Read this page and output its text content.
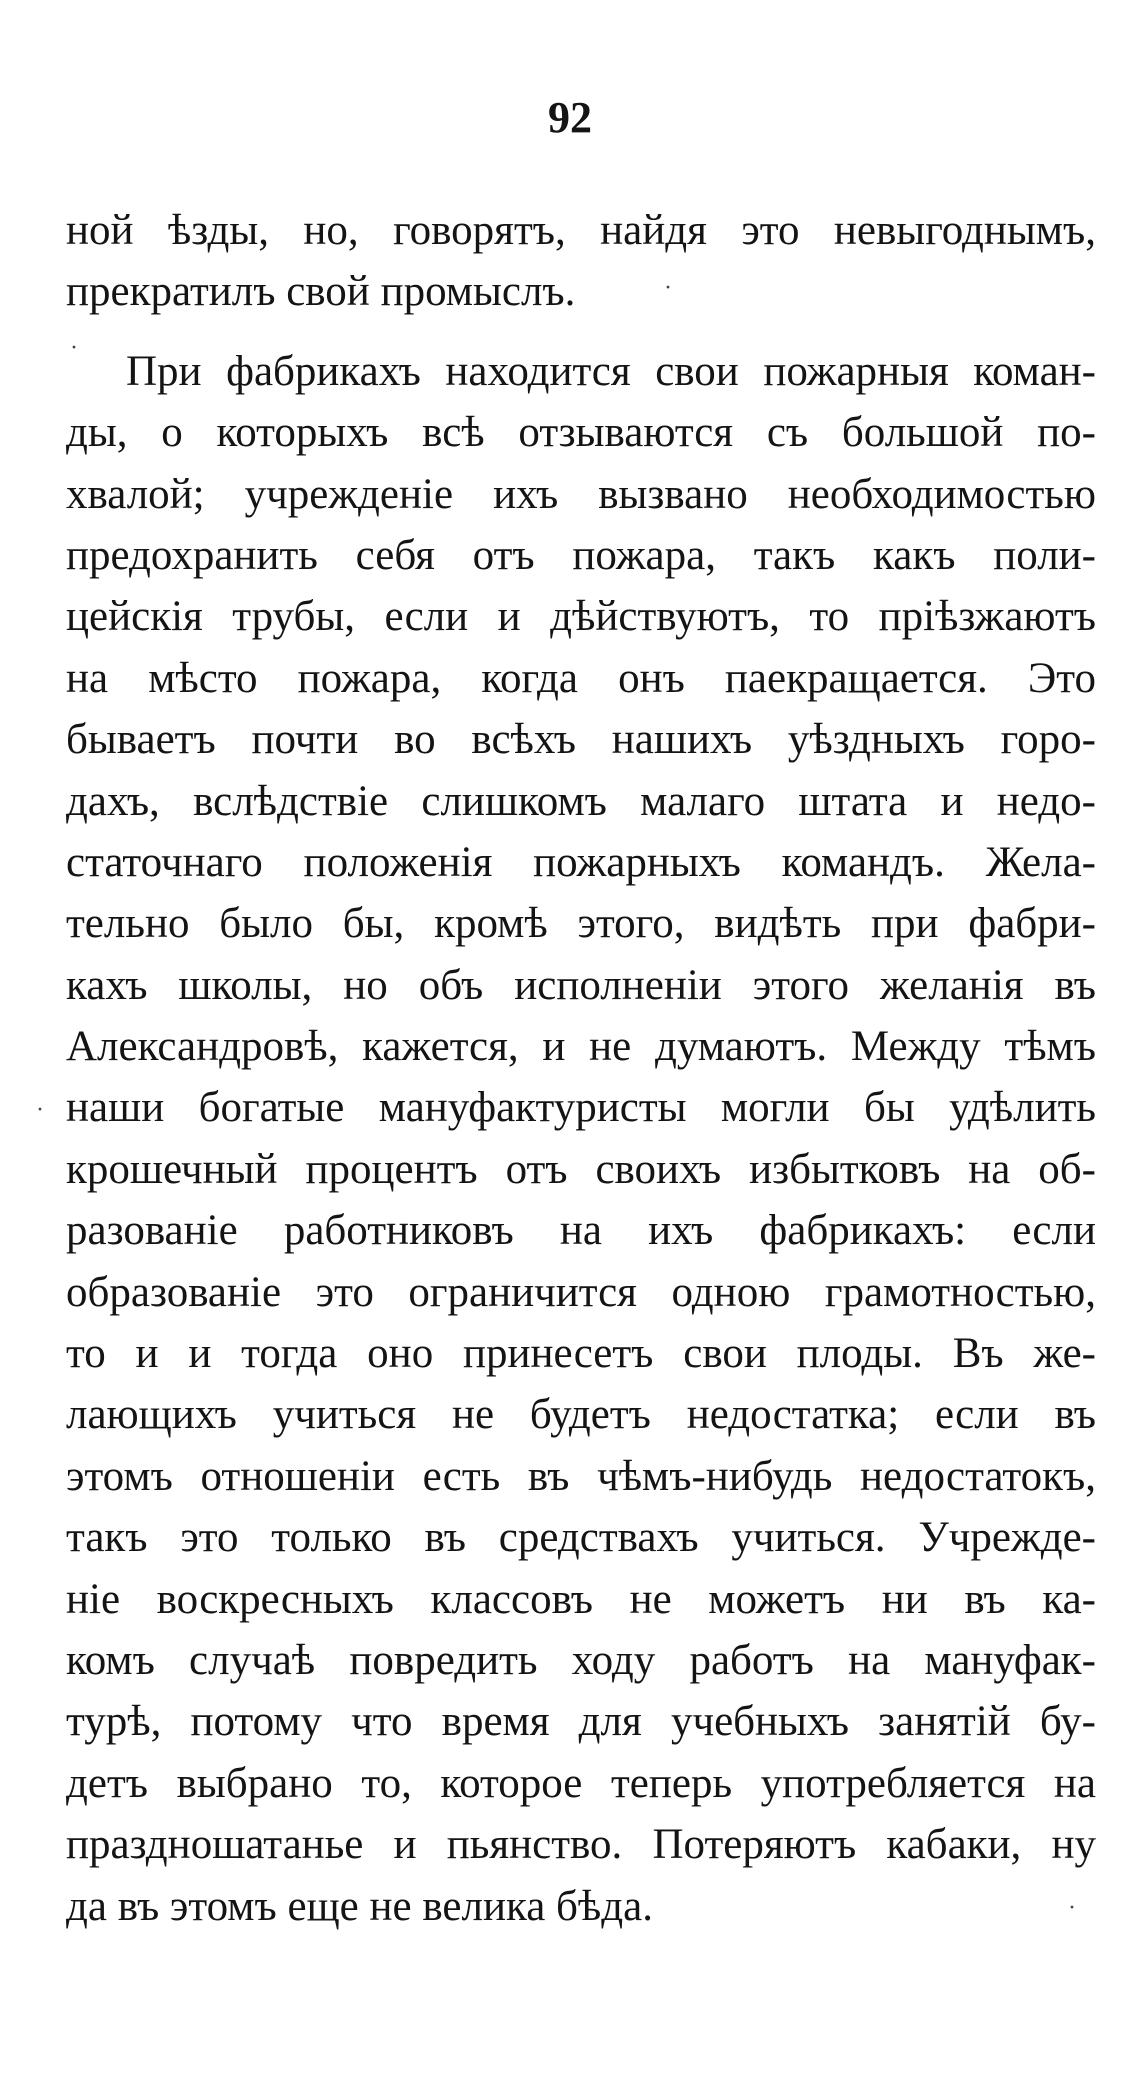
92
ной ѣзды, но, говорятъ, найдя это невыгоднымъ,
прекратилъ свой промыслъ.
При фабрикахъ находится свои пожарныя коман-
ды, о которыхъ всѣ отзываются съ большой по-
хвалой; учрежденіе ихъ вызвано необходимостью
предохранить себя отъ пожара, такъ какъ поли-
цейскія трубы, если и дѣйствуютъ, то пріѣзжаютъ
на мѣсто пожара, когда онъ паекращается. Это
бываетъ почти во всѣхъ нашихъ уѣздныхъ горо-
дахъ, вслѣдствіе слишкомъ малаго штата и недо-
статочнаго положенія пожарныхъ командъ. Желa-
тельно было бы, кромѣ этого, видѣть при фабри-
кахъ школы, но объ исполненіи этого желанія въ
Александровѣ, кажется, и не думаютъ. Между тѣмъ
наши богатые мануфактуристы могли бы удѣлить
крошечный процентъ отъ своихъ избытковъ на об-
разованіе работниковъ на ихъ фабрикахъ: если
образованіе это ограничится одною грамотностью,
то и и тогда оно принесетъ свои плоды. Въ же-
лающихъ учиться не будетъ недостатка; если въ
этомъ отношеніи есть въ чѣмъ-нибудь недостатокъ,
такъ это только въ средствахъ учиться. Учрежде-
ніе воскресныхъ классовъ не можетъ ни въ ка-
комъ случаѣ повредить ходу работъ на мануфак-
турѣ, потому что время для учебныхъ занятій бу-
детъ выбрано то, которое теперь употребляется на
праздношатанье и пьянство. Потеряютъ кабаки, ну
да въ этомъ еще не велика бѣда.
·
·
·
·
